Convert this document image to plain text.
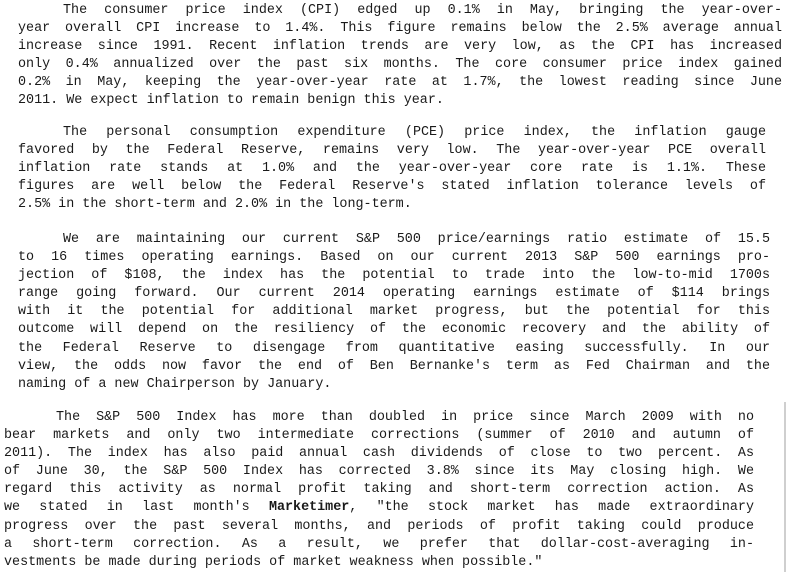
The consumer price index (CPI) edged up 0.1% in May, bringing the year-over-
year overall CPI increase to 1.4%. This figure remains below the 2.5% average annual
increase since 1991. Recent inflation trends are very low, as the CPI has increased
only 0.4% annualized over the past six months. The core consumer price index gained
0.2% in May, keeping the year-over-year rate at 1.7%, the lowest reading since June
2011. We expect inflation to remain benign this year.
The personal consumption expenditure (PCE) price index, the inflation gauge
favored by the Federal Reserve, remains very low. The year-over-year PCE overall
inflation rate stands at 1.0% and the year-over-year core rate is 1.1%. These
figures are well below the Federal Reserve's stated inflation tolerance levels of
2.5% in the short-term and 2.0% in the long-term.
We are maintaining our current S&P 500 price/earnings ratio estimate of 15.5
to 16 times operating earnings. Based on our current 2013 S&P 500 earnings pro-
jection of $108, the index has the potential to trade into the low-to-mid 1700s
range going forward. Our current 2014 operating earnings estimate of $114 brings
with it the potential for additional market progress, but the potential for this
outcome will depend on the resiliency of the economic recovery and the ability of
the Federal Reserve to disengage from quantitative easing successfully. In our
view, the odds now favor the end of Ben Bernanke's term as Fed Chairman and the
naming of a new Chairperson by January.
The S&P 500 Index has more than doubled in price since March 2009 with no
bear markets and only two intermediate corrections (summer of 2010 and autumn of
2011). The index has also paid annual cash dividends of close to two percent. As
of June 30, the S&P 500 Index has corrected 3.8% since its May closing high. We
regard this activity as normal profit taking and short-term correction action. As
we stated in last month's Marketimer, "the stock market has made extraordinary
progress over the past several months, and periods of profit taking could produce
a short-term correction. As a result, we prefer that dollar-cost-averaging in-
vestments be made during periods of market weakness when possible."
